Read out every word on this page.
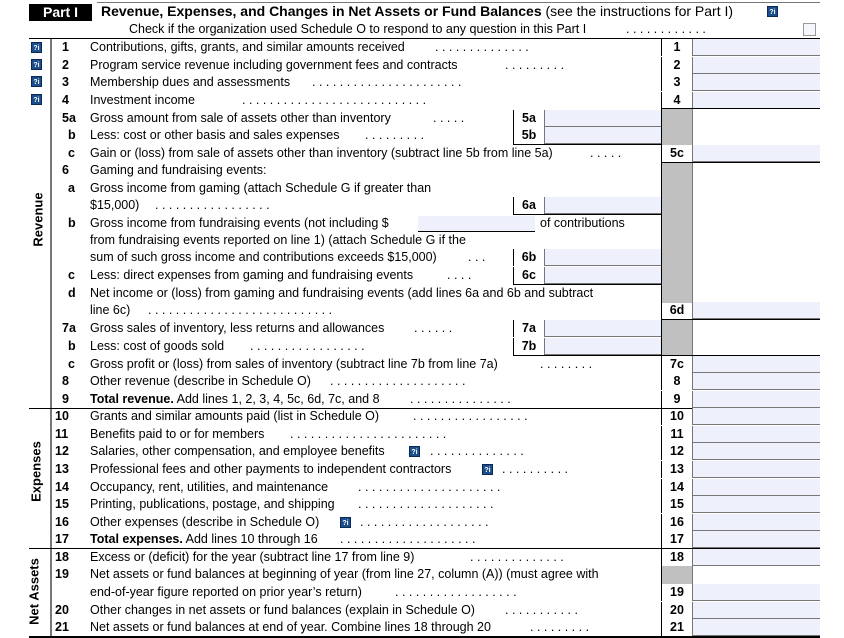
Part I	Revenue, Expenses, and Changes in Net Assets or Fund Balances (see the instructions for Part I)	?i
Check if the organization used Schedule O to respond to any question in this Part I	. . . . . . . . . . . .
?i
?i
?i
?i
Revenue
Expenses
Net Assets
1 Contributions, gifts, grants, and similar amounts received . . . . . . . . . . . . . .	1
2 Program service revenue including government fees and contracts	. . . . . . . . .	2
3 Membership dues and assessments . . . . . . . . . . . . . . . . . . . . . .	3
4 Investment income	. . . . . . . . . . . . . . . . . . . . . . . . . . .	4
5a Gross amount from sale of assets other than inventory	. . . . .	5a
b Less: cost or other basis and sales expenses . . . . . . . . .	5b
c Gain or (loss) from sale of assets other than inventory (subtract line 5b from line 5a)	. . . . .	5c
6 Gaming and fundraising events:
a Gross income from gaming (attach Schedule G if greater than
$15,000) . . . . . . . . . . . . . . . . .	6a
b Gross income from fundraising events (not including $	of contributions
from fundraising events reported on line 1) (attach Schedule G if the
sum of such gross income and contributions exceeds $15,000)	. . .	6b
c Less: direct expenses from gaming and fundraising events	. . . .	6c
d Net income or (loss) from gaming and fundraising events (add lines 6a and 6b and subtract
line 6c) . . . . . . . . . . . . . . . . . . . . . . . . . . .	6d
7a Gross sales of inventory, less returns and allowances . . . . . .	7a
b Less: cost of goods sold . . . . . . . . . . . . . . . . .	7b
c Gross profit or (loss) from sales of inventory (subtract line 7b from line 7a)	. . . . . . . .	7c
8 Other revenue (describe in Schedule O) . . . . . . . . . . . . . . . . . . . .	8
9 Total revenue. Add lines 1, 2, 3, 4, 5c, 6d, 7c, and 8 . . . . . . . . . . . . . . .	9
10 Grants and similar amounts paid (list in Schedule O)	. . . . . . . . . . . . . . . . .	10
11 Benefits paid to or for members . . . . . . . . . . . . . . . . . . . . . . .	11
12 Salaries, other compensation, and employee benefits	?i . . . . . . . . . . . . . .	12
13 Professional fees and other payments to independent contractors	?i . . . . . . . . . .	13
14 Occupancy, rent, utilities, and maintenance . . . . . . . . . . . . . . . . . . . . .	14
15 Printing, publications, postage, and shipping . . . . . . . . . . . . . . . . . . . .	15
16 Other expenses (describe in Schedule O)	?i . . . . . . . . . . . . . . . . . . .	16
17 Total expenses. Add lines 10 through 16 . . . . . . . . . . . . . . . . . . . .	17
18 Excess or (deficit) for the year (subtract line 17 from line 9)	. . . . . . . . . . . . . .	18
19 Net assets or fund balances at beginning of year (from line 27, column (A)) (must agree with
end-of-year figure reported on prior year’s return)	. . . . . . . . . . . . . . . . . .	19
20 Other changes in net assets or fund balances (explain in Schedule O) . . . . . . . . . . .	20
21 Net assets or fund balances at end of year. Combine lines 18 through 20	. . . . . . . . .	21
